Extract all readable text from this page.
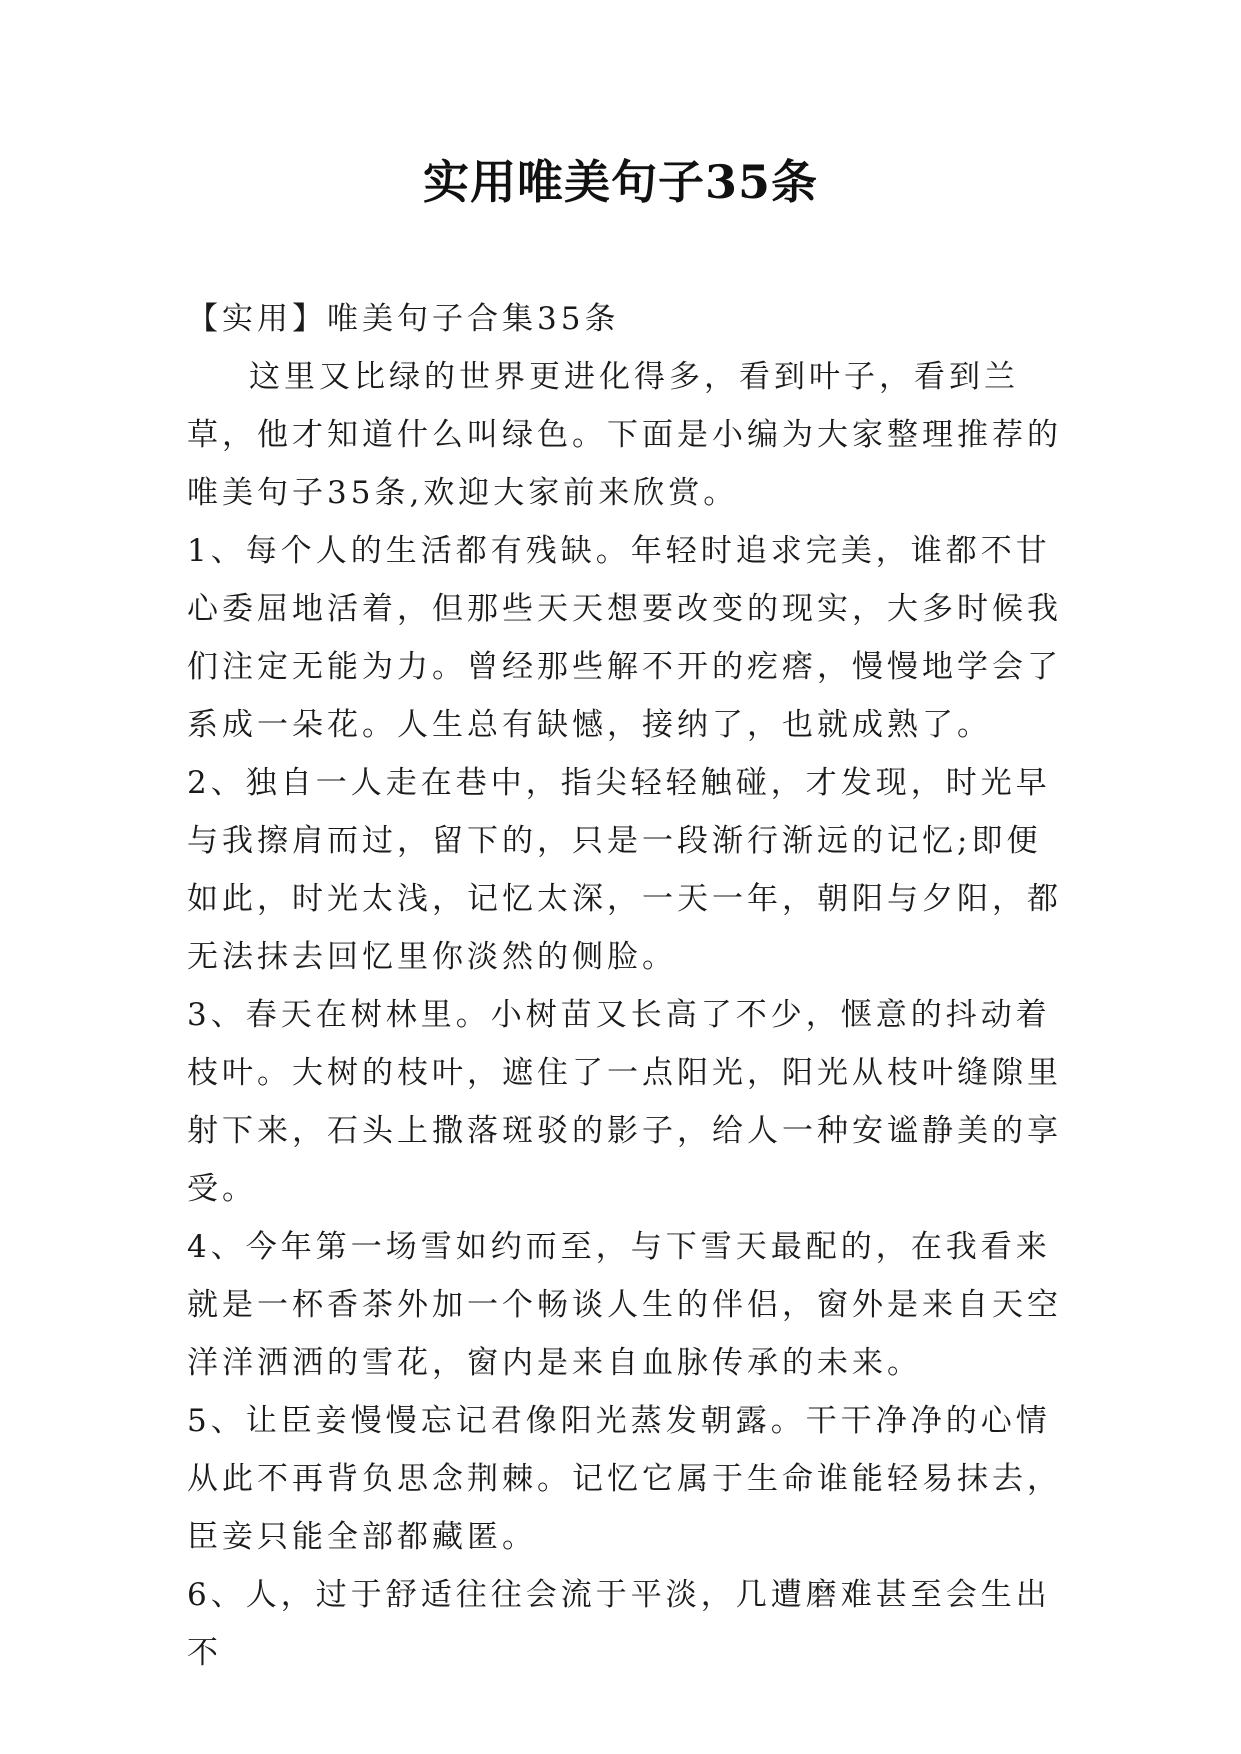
实用唯美句子35条

【实用】唯美句子合集35条

这里又比绿的世界更进化得多，看到叶子，看到兰草，他才知道什么叫绿色。下面是小编为大家整理推荐的唯美句子35条,欢迎大家前来欣赏。

1、每个人的生活都有残缺。年轻时追求完美，谁都不甘心委屈地活着，但那些天天想要改变的现实，大多时候我们注定无能为力。曾经那些解不开的疙瘩，慢慢地学会了系成一朵花。人生总有缺憾，接纳了，也就成熟了。

2、独自一人走在巷中，指尖轻轻触碰，才发现，时光早与我擦肩而过，留下的，只是一段渐行渐远的记忆;即便如此，时光太浅，记忆太深，一天一年，朝阳与夕阳，都无法抹去回忆里你淡然的侧脸。

3、春天在树林里。小树苗又长高了不少，惬意的抖动着枝叶。大树的枝叶，遮住了一点阳光，阳光从枝叶缝隙里射下来，石头上撒落斑驳的影子，给人一种安谧静美的享受。

4、今年第一场雪如约而至，与下雪天最配的，在我看来就是一杯香茶外加一个畅谈人生的伴侣，窗外是来自天空洋洋洒洒的雪花，窗内是来自血脉传承的未来。

5、让臣妾慢慢忘记君像阳光蒸发朝露。干干净净的心情从此不再背负思念荆棘。记忆它属于生命谁能轻易抹去，臣妾只能全部都藏匿。

6、人，过于舒适往往会流于平淡，几遭磨难甚至会生出不
